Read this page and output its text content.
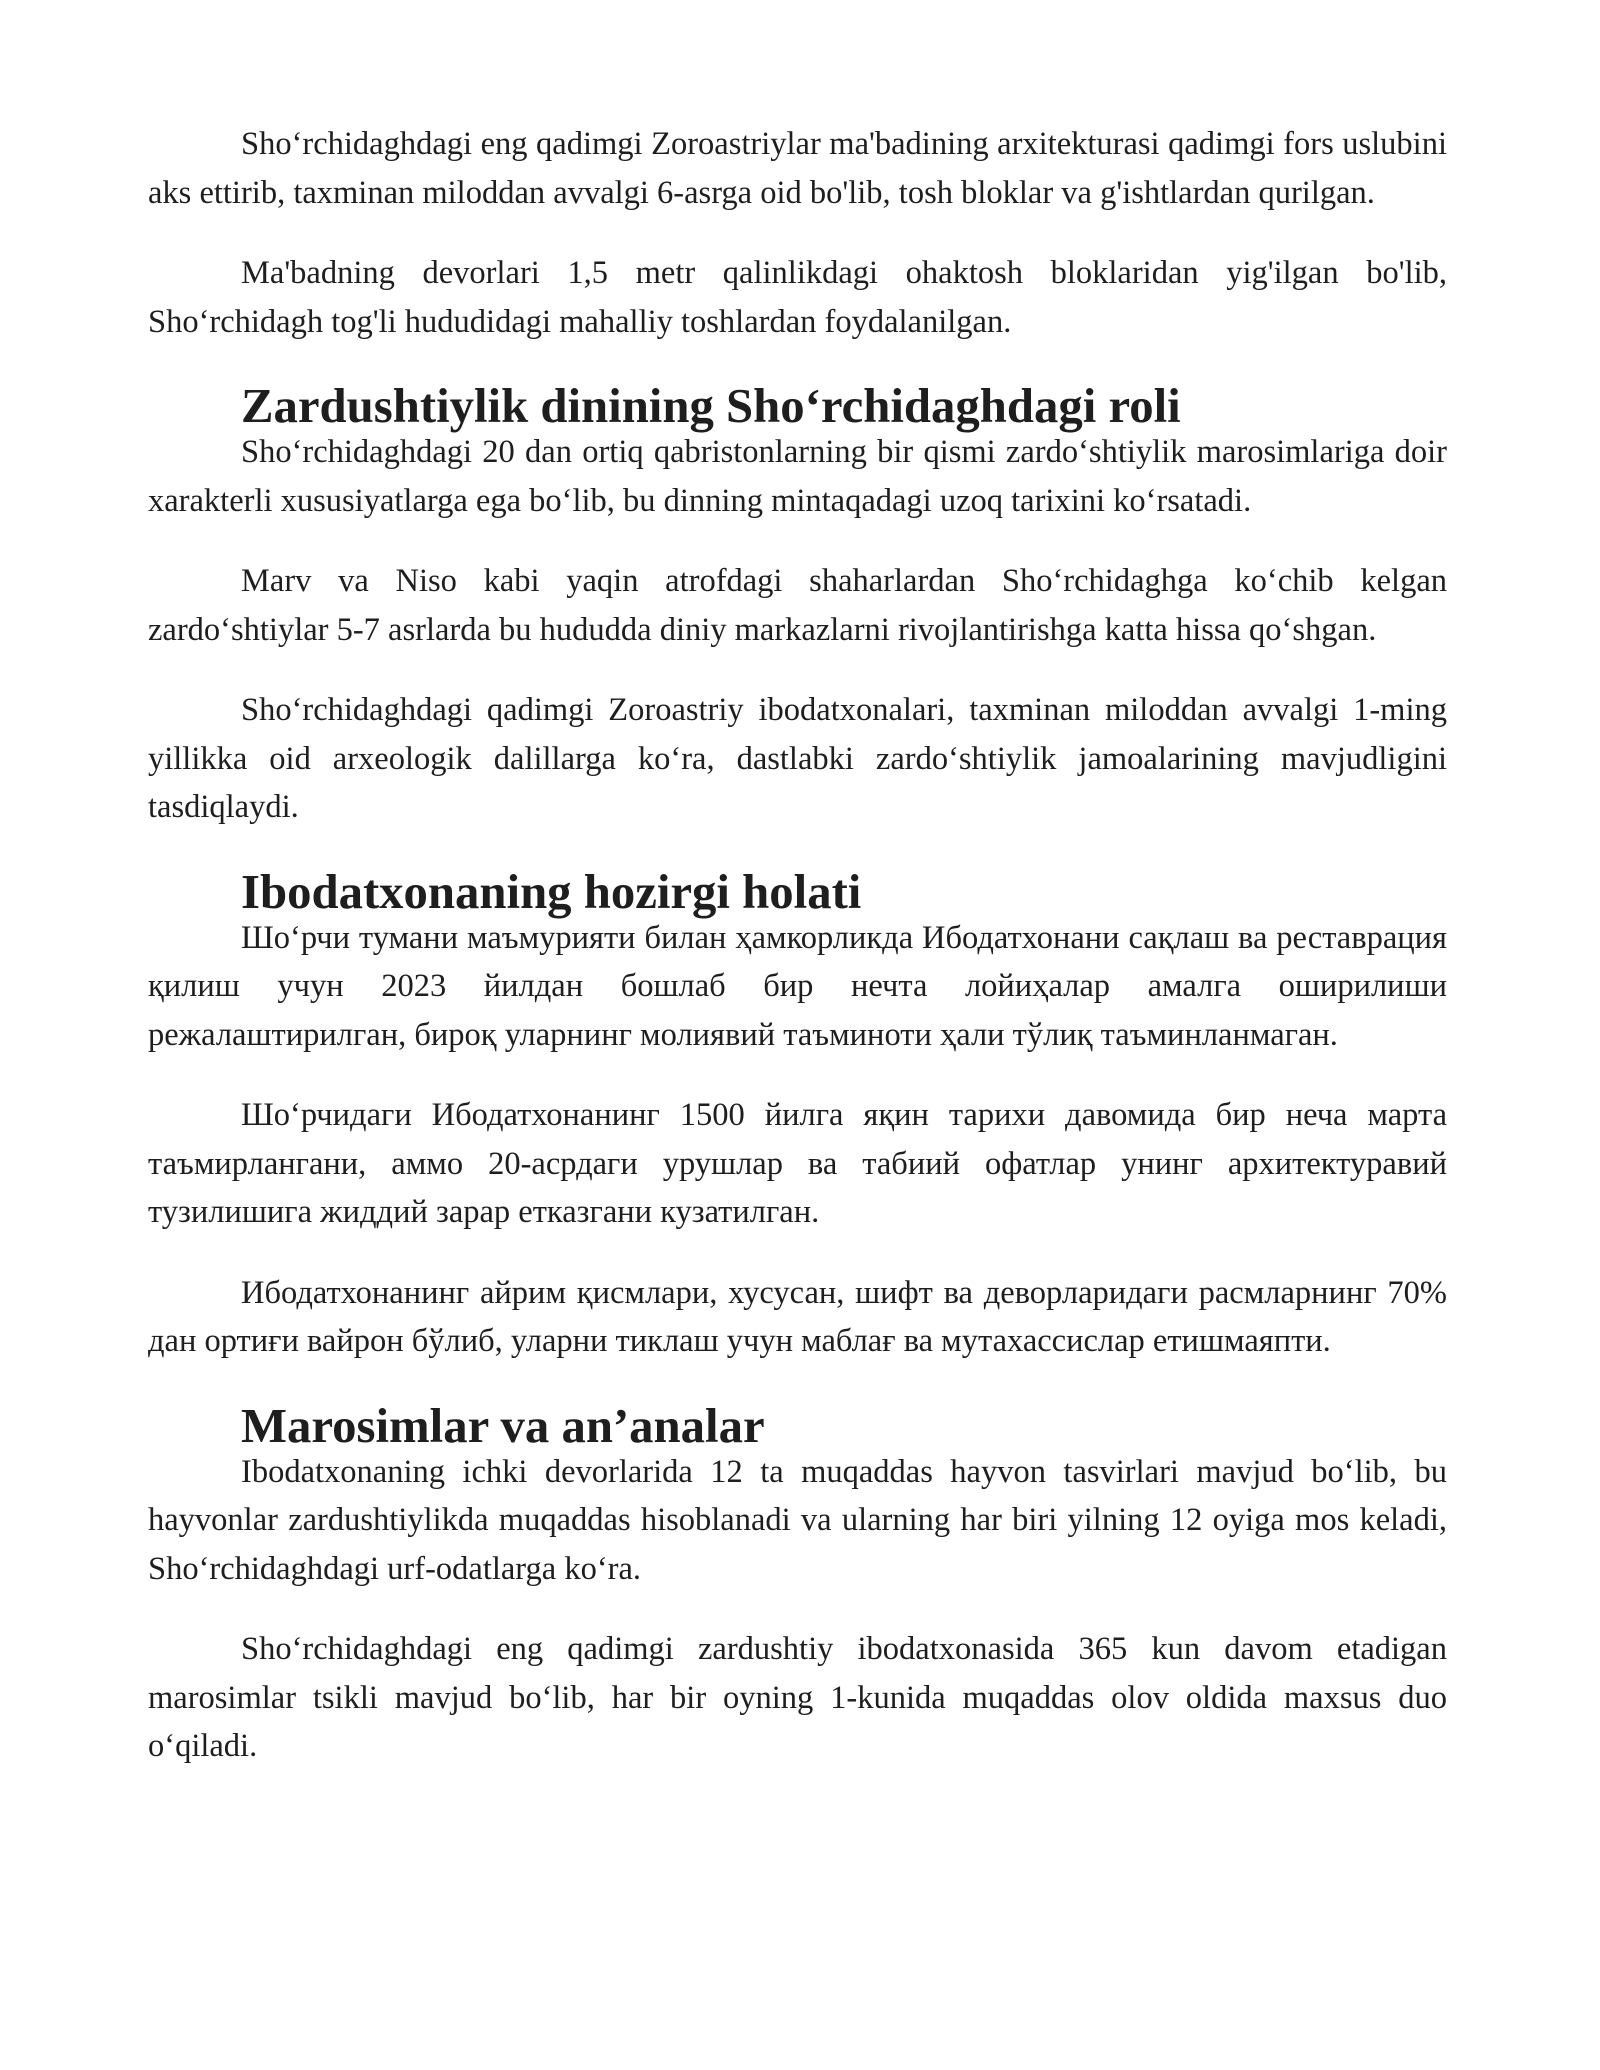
Sho‘rchidaghdagi eng qadimgi Zoroastriylar ma'badining arxitekturasi qadimgi fors uslubini aks ettirib, taxminan miloddan avvalgi 6-asrga oid bo'lib, tosh bloklar va g'ishtlardan qurilgan.

Ma'badning devorlari 1,5 metr qalinlikdagi ohaktosh bloklaridan yig'ilgan bo'lib, Sho‘rchidagh tog'li hududidagi mahalliy toshlardan foydalanilgan.

Zardushtiylik dinining Sho‘rchidaghdagi roli

Sho‘rchidaghdagi 20 dan ortiq qabristonlarning bir qismi zardo‘shtiylik marosimlariga doir xarakterli xususiyatlarga ega bo‘lib, bu dinning mintaqadagi uzoq tarixini ko‘rsatadi.

Marv va Niso kabi yaqin atrofdagi shaharlardan Sho‘rchidaghga ko‘chib kelgan zardo‘shtiylar 5-7 asrlarda bu hududda diniy markazlarni rivojlantirishga katta hissa qo‘shgan.

Sho‘rchidaghdagi qadimgi Zoroastriy ibodatxonalari, taxminan miloddan avvalgi 1-ming yillikka oid arxeologik dalillarga ko‘ra, dastlabki zardo‘shtiylik jamoalarining mavjudligini tasdiqlaydi.

Ibodatxonaning hozirgi holati

Шо‘рчи тумани маъмурияти билан ҳамкорликда Ибодатхонани сақлаш ва реставрация қилиш учун 2023 йилдан бошлаб бир нечта лойиҳалар амалга оширилиши режалаштирилган, бироқ уларнинг молиявий таъминоти ҳали тўлиқ таъминланмаган.

Шо‘рчидаги Ибодатхонанинг 1500 йилга яқин тарихи давомида бир неча марта таъмирлангани, аммо 20-асрдаги урушлар ва табиий офатлар унинг архитектуравий тузилишига жиддий зарар етказгани кузатилган.

Ибодатхонанинг айрим қисмлари, хусусан, шифт ва деворларидаги расмларнинг 70% дан ортиғи вайрон бўлиб, уларни тиклаш учун маблағ ва мутахассислар етишмаяпти.

Marosimlar va an’analar

Ibodatxonaning ichki devorlarida 12 ta muqaddas hayvon tasvirlari mavjud bo‘lib, bu hayvonlar zardushtiylikda muqaddas hisoblanadi va ularning har biri yilning 12 oyiga mos keladi, Sho‘rchidaghdagi urf-odatlarga ko‘ra.

Sho‘rchidaghdagi eng qadimgi zardushtiy ibodatxonasida 365 kun davom etadigan marosimlar tsikli mavjud bo‘lib, har bir oyning 1-kunida muqaddas olov oldida maxsus duo o‘qiladi.
